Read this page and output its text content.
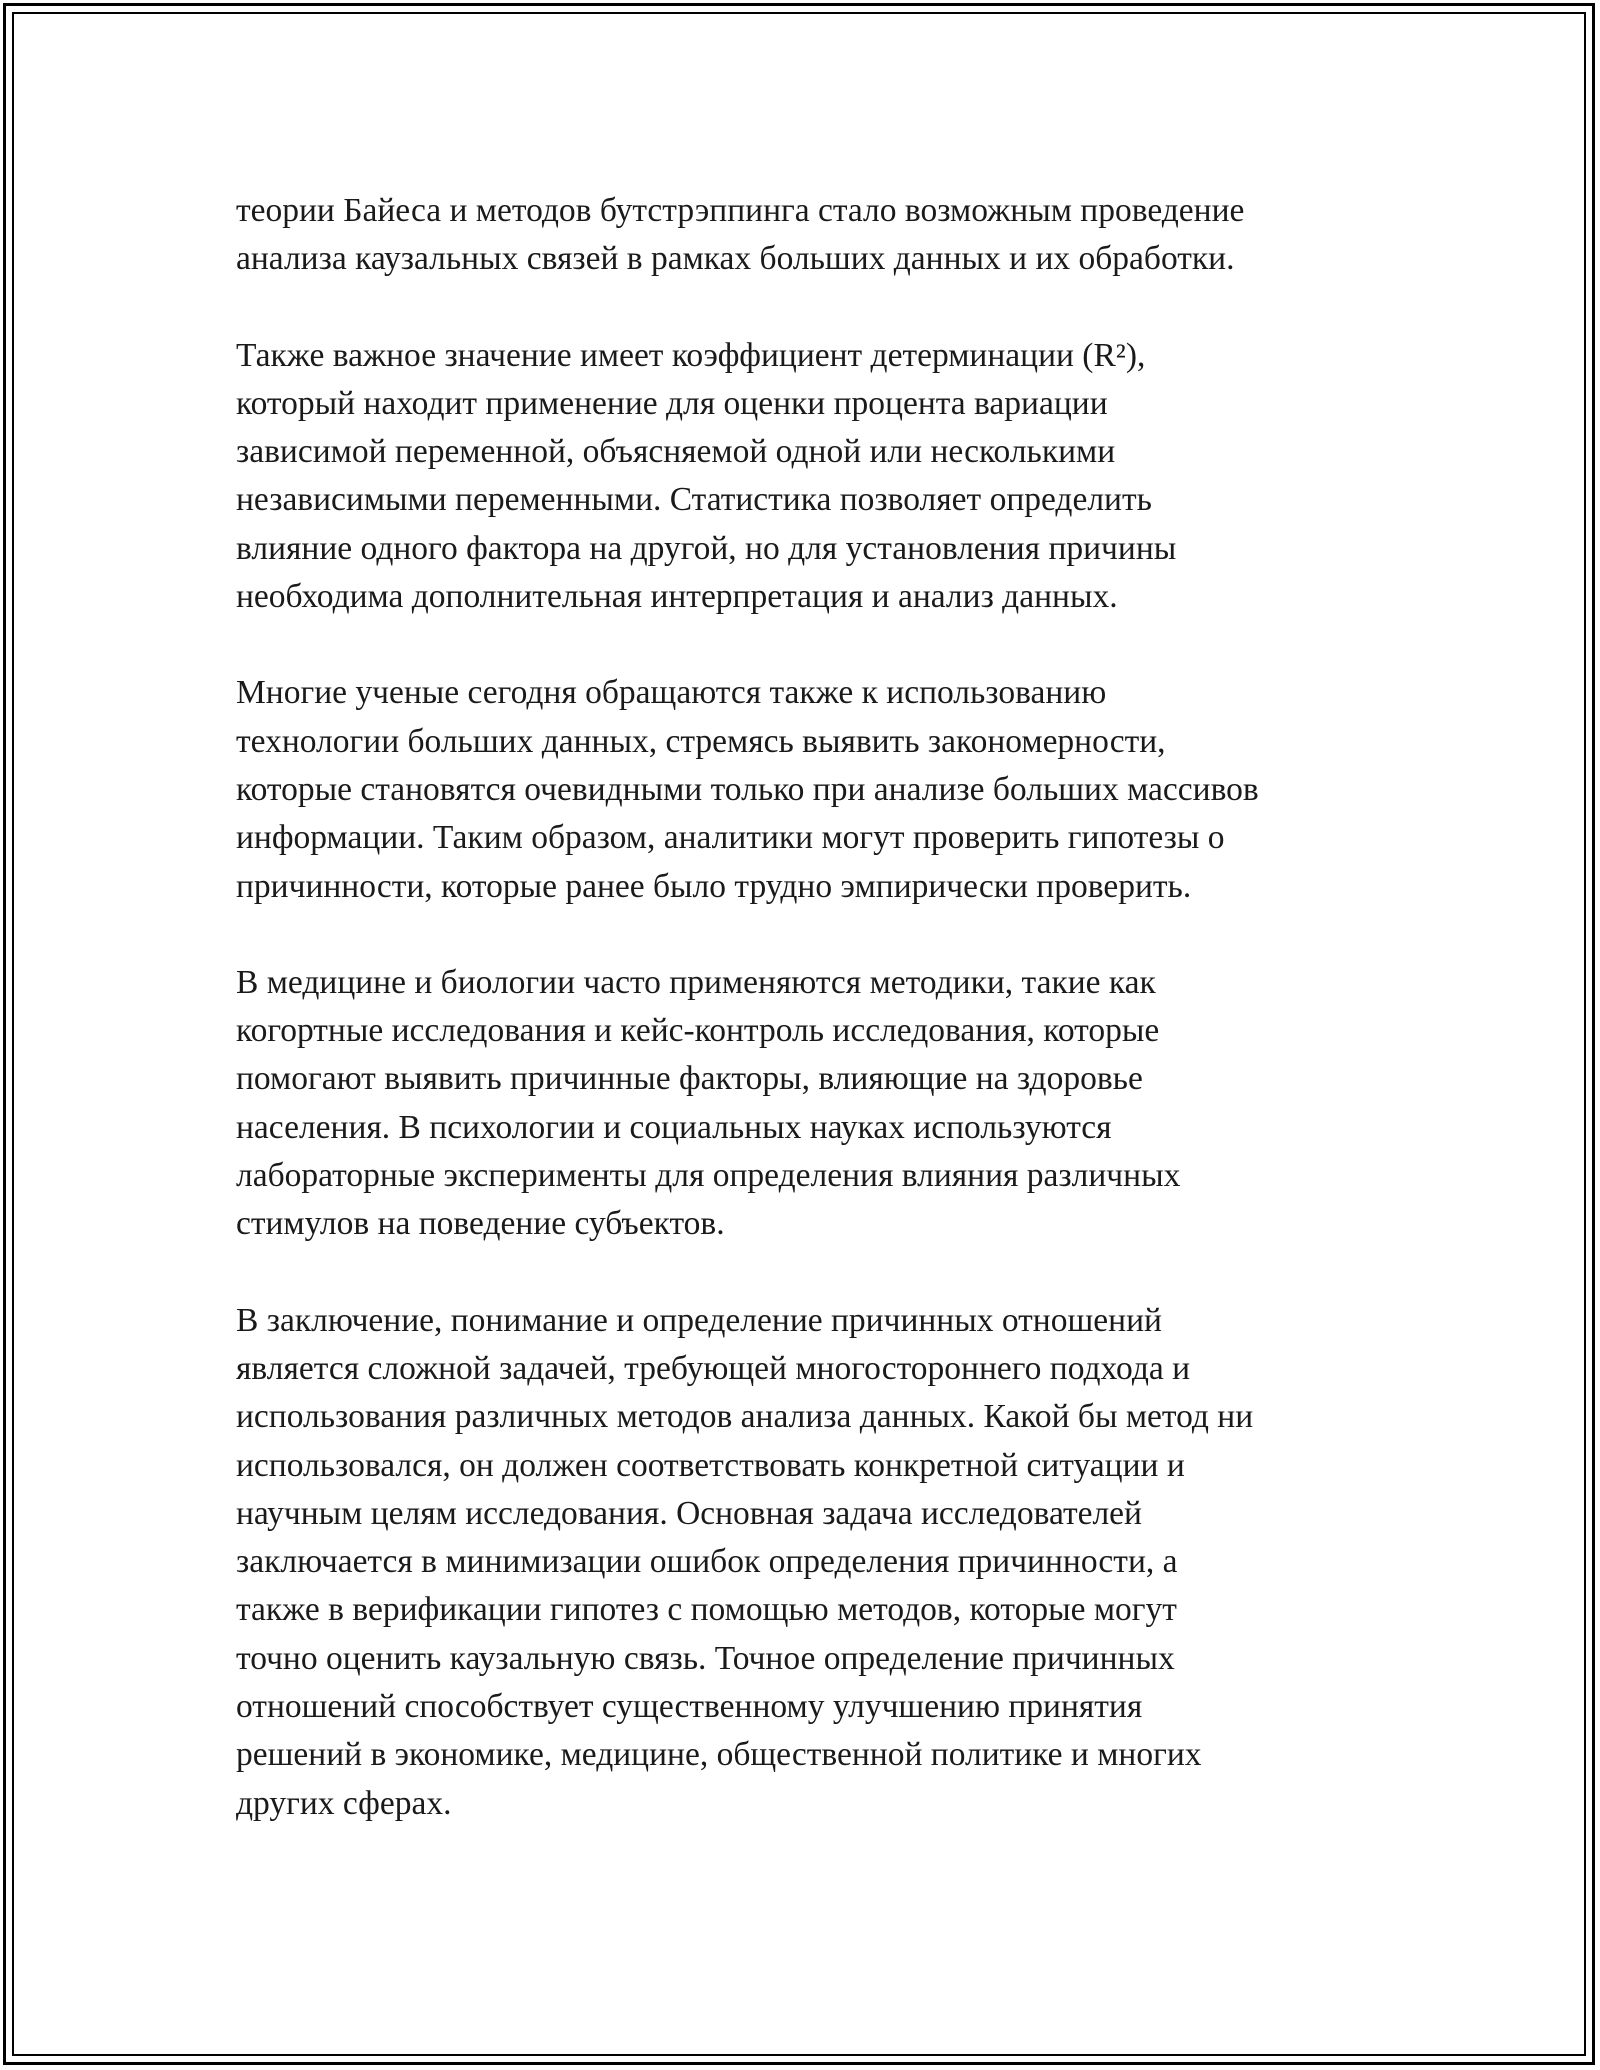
теории Байеса и методов бутстрэппинга стало возможным проведение
анализа каузальных связей в рамках больших данных и их обработки.

Также важное значение имеет коэффициент детерминации (R²),
который находит применение для оценки процента вариации
зависимой переменной, объясняемой одной или несколькими
независимыми переменными. Статистика позволяет определить
влияние одного фактора на другой, но для установления причины
необходима дополнительная интерпретация и анализ данных.

Многие ученые сегодня обращаются также к использованию
технологии больших данных, стремясь выявить закономерности,
которые становятся очевидными только при анализе больших массивов
информации. Таким образом, аналитики могут проверить гипотезы о
причинности, которые ранее было трудно эмпирически проверить.

В медицине и биологии часто применяются методики, такие как
когортные исследования и кейс-контроль исследования, которые
помогают выявить причинные факторы, влияющие на здоровье
населения. В психологии и социальных науках используются
лабораторные эксперименты для определения влияния различных
стимулов на поведение субъектов.

В заключение, понимание и определение причинных отношений
является сложной задачей, требующей многостороннего подхода и
использования различных методов анализа данных. Какой бы метод ни
использовался, он должен соответствовать конкретной ситуации и
научным целям исследования. Основная задача исследователей
заключается в минимизации ошибок определения причинности, а
также в верификации гипотез с помощью методов, которые могут
точно оценить каузальную связь. Точное определение причинных
отношений способствует существенному улучшению принятия
решений в экономике, медицине, общественной политике и многих
других сферах.
